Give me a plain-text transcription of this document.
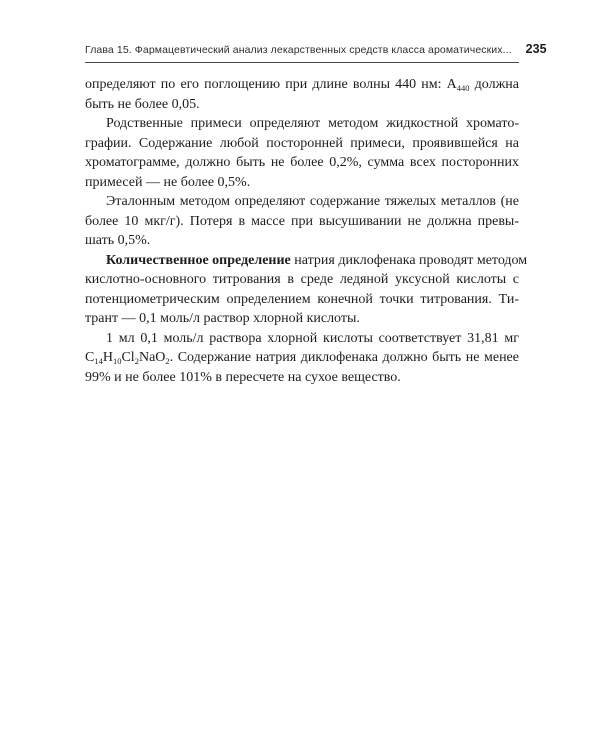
Глава 15. Фармацевтический анализ лекарственных средств класса ароматических...	235
определяют по его поглощению при длине волны 440 нм: $A_{440}$ должна
быть не более 0,05.
Родственные примеси определяют методом жидкостной хромато-
графии. Содержание любой посторонней примеси, проявившейся на
хроматограмме, должно быть не более 0,2%, сумма всех посторонних
примесей — не более 0,5%.
Эталонным методом определяют содержание тяжелых металлов (не
более 10 мкг/г). Потеря в массе при высушивании не должна превы-
шать 0,5%.
Количественное определение натрия диклофенака проводят методом
кислотно-основного титрования в среде ледяной уксусной кислоты с
потенциометрическим определением конечной точки титрования. Ти-
трант — 0,1 моль/л раствор хлорной кислоты.
1 мл 0,1 моль/л раствора хлорной кислоты соответствует 31,81 мг
$C_{14}H_{10}Cl_2NaO_2$. Содержание натрия диклофенака должно быть не менее
99% и не более 101% в пересчете на сухое вещество.
